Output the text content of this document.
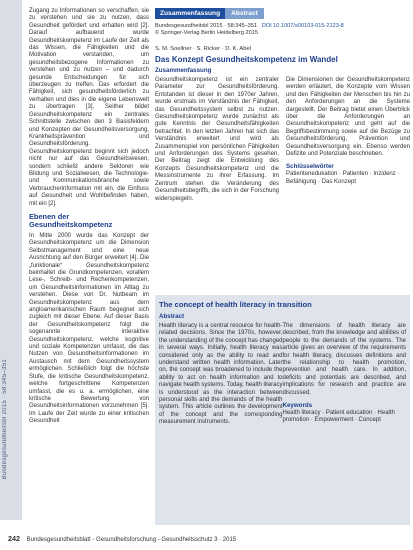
Bundesgesundheitsbl 2015 · 58:345–351

Zugang zu Informationen so verschaffen, sie zu verstehen und sie zu nutzen, dass Gesundheit gefördert und erhalten wird [2]. Darauf aufbauend wurde Gesundheitskompetenz im Laufe der Zeit als das Wissen, die Fähigkeiten und die Motivation verstanden, um gesundheitsbezogene Informationen zu verstehen und zu nutzen – und dadurch gesunde Entscheidungen für sich überzeugen zu treffen. Das erfordert die Fähigkeit, sich gesundheitsförderlich zu verhalten und dies in die eigene Lebenswelt zu übertragen [3]. Seither bildet Gesundheitskompetenz ein zentrales Schnittstelle zwischen den 3 Basisfeldern und Konzepten der Gesundheitsversorgung, Krankheitsprävention und Gesundheitsförderung. Gesundheitskompetenz beginnt sich jedoch nicht nur auf das Gesundheitswesen, sondern schließt andere Sektoren wie Bildung und Sozialwesen, die Technologie- und Kommunikationsbranche sowie Verbraucherinformation mit ein, die Einfluss auf Gesundheit und Wohlbefinden haben, mit ein [2].

Ebenen der Gesundheitskompetenz

In Mitte 2000 wurde das Konzept der Gesundheitskompetenz um die Dimension Selbstmanagement und eine neue Ausrichtung auf den Bürger erweitert [4]. Die „funktionale“ Gesundheitskompetenz beinhaltet die Grundkompetenzen, vorallem Lese-, Schreib- und Rechenkompetenzen, um Gesundheitsinformationen im Alltag zu verstehen. Diese von Dr. Nutbeam im Gesundheitskompetenz aus dem angloamerikanischen Raum begegnet sich zugleich mit dieser Ebene. Auf dieser Basis der Gesundheitskompetenz folgt die sogenannte interaktive Gesundheitskompetenz, welche kognitive und soziale Kompetenzen umfasst, die das Nutzen von Gesundheitsinformationen im Austausch mit dem Gesundheitssystem ermöglichen. Schließlich folgt die höchste Stufe, die kritische Gesundheitskompetenz, welche fortgeschrittene Kompetenzen umfasst, die es u. a. ermöglichen, eine kritische Bewertung von Gesundheitsinformationen vorzunehmen [5]. Im Laufe der Zeit wurde zu einer kritischen Gesundheit

Zusammenfassung	Abstract
Bundesgesundheitsbl 2015 · 58:345–351 DOI 10.1007/s00103-015-2123-8
© Springer-Verlag Berlin Heidelberg 2015
S. M. Soellner · S. Ricker · D. K. Abel
Das Konzept Gesundheitskompetenz im Wandel
Zusammenfassung

Gesundheitskompetenz ist ein zentraler Parameter zur Gesundheitsförderung. Entstanden ist dieser in den 1970er Jahren, wurde erstmals im Verständnis der Fähigkeit, das Gesundheitssystem selbst zu nutzen. Gesundheitskompetenz wurde zunächst als gute Kenntnis der Gesundheitsfähigkeiten betrachtet. In den letzten Jahren hat sich das Verständnis erweitert und wird als Zusammenspiel von persönlichen Fähigkeiten und Anforderungen des Systems gesehen. Der Beitrag zeigt die Entwicklung des Konzepts Gesundheitskompetenz und die Messinstrumente zu ihrer Erfassung. Im Zentrum stehen die Veränderung des Gesundheitsbegriffs, die sich in der Forschung widerspiegeln.

Die Dimensionen der Gesundheitskompetenz werden erläutert, die Konzepte vom Wissen und den Fähigkeiten der Menschen bis hin zu den Anforderungen an die Systeme dargestellt. Der Beitrag bietet einen Überblick über die Anforderungen an Gesundheitskompetenz und geht auf die Begriffsbestimmung sowie auf die Bezüge zu Gesundheitsförderung, Prävention und Gesundheitsversorgung ein. Ebenso werden Defizite und Potenziale beschrieben.

Schlüsselwörter
Patientenedukation · Patienten · Inzidenz · Befähigung · Das Konzept
The concept of health literacy in transition
Abstract

Health literacy is a central resource for health-related decisions. Since the 1970s, however, the understanding of the concept has changed in several ways. Initially, health literacy was considered only as the ability to read and understand written health information. Later on, the concept was broadened to include the ability to act on health information and to navigate health systems. Today, health literacy is understood as the interaction between personal skills and the demands of the health system. This article outlines the development of the concept and the corresponding measurement instruments.

The dimensions of health literacy are described, from the knowledge and abilities of people to the demands of the systems. The article gives an overview of the requirements for health literacy, discusses definitions and the relationship to health promotion, prevention and health care. In addition, deficits and potentials are described, and implications for research and practice are discussed.

Keywords
Health literacy · Patient education · Health promotion · Empowerment · Concept
242 Bundesgesundheitsblatt - Gesundheitsforschung - Gesundheitsschutz 3 · 2015
